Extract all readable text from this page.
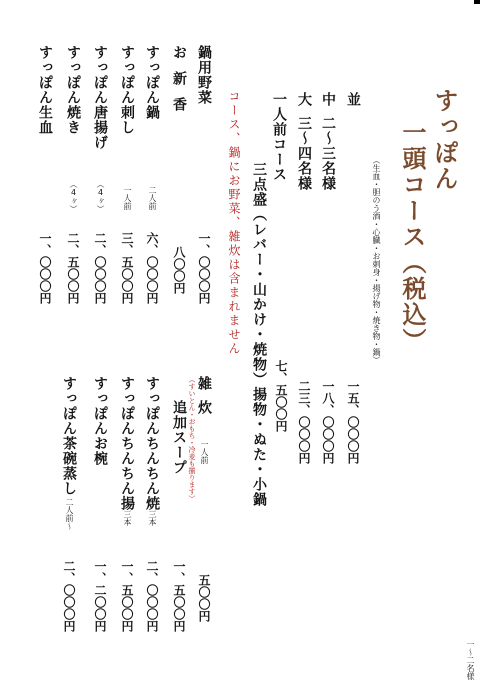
すっぽん
一頭コース（税込）
並
（生血・胆のう酒・心臓・お刺身・揚げ物・焼き物・鍋）
一五、〇〇〇円
中
二〜三名様
一八、〇〇〇円
大
三〜四名様
二三、〇〇〇円
一人前コース
三点盛（レバー・山かけ・焼物）揚物・ぬた・小鍋 七、五〇〇円
コース、鍋にお野菜、雑炊は含まれません
一〜二名様
鍋用野菜
一、〇〇〇円
お新香
八〇〇円
すっぽん鍋
二人前
六、〇〇〇円
すっぽん刺し
一人前
三、五〇〇円
すっぽん唐揚げ
（4ヶ）
二、〇〇〇円
すっぽん焼き
（4ヶ）
二、五〇〇円
すっぽん生血
一、〇〇〇円
雑炊
一人前
五〇〇円
追加スープ （すいとん・おもち・冷麦も揃ります）
一、五〇〇円
すっぽんちんちん焼
三本
二、〇〇〇円
すっぽんちんちん揚
三本
一、五〇〇円
すっぽんお椀
一、二〇〇円
すっぽん茶碗蒸し
二人前〜
二、〇〇〇円
